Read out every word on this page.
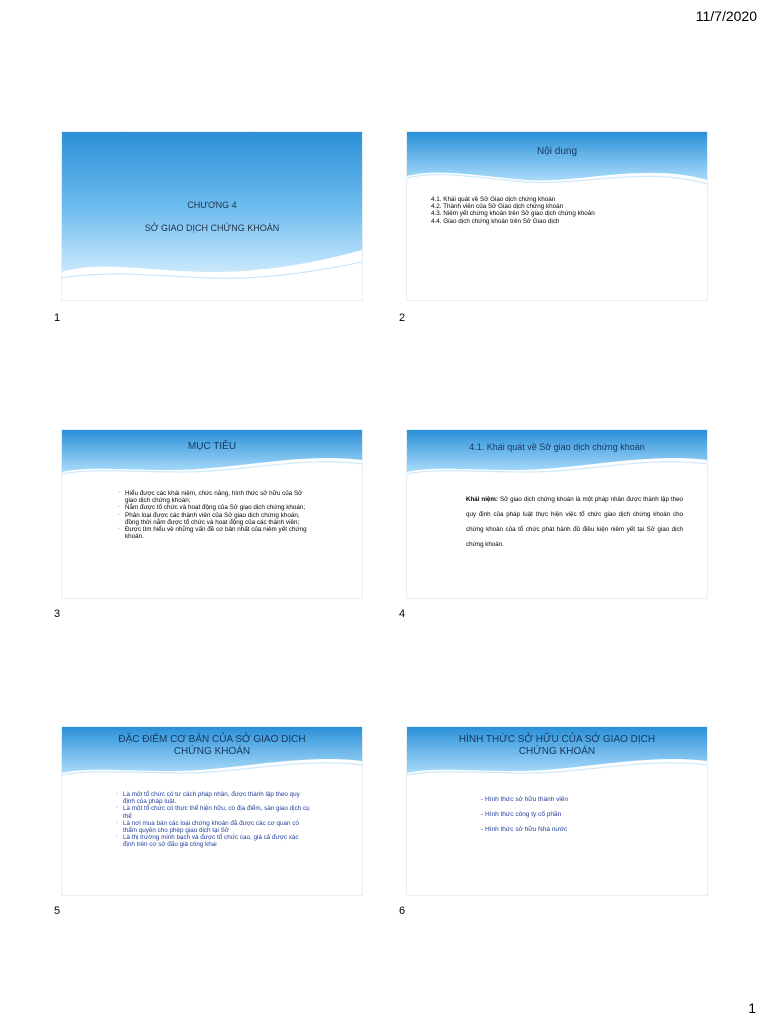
11/7/2020
CHƯƠNG 4
SỞ GIAO DỊCH CHỨNG KHOÁN
1
Nội dung
4.1. Khái quát về Sở Giao dịch chứng khoán
4.2. Thành viên của Sở Giao dịch chứng khoán
4.3. Niêm yết chứng khoán trên Sở giao dịch chứng khoán
4.4. Giao dịch chứng khoán trên Sở Giao dịch
2
MỤC TIÊU
▫ Hiểu được các khái niệm, chức năng, hình thức sở hữu của Sở giao dịch chứng khoán;
▫ Nắm được tổ chức và hoạt động của Sở giao dịch chứng khoán;
▫ Phân loại được các thành viên của Sở giao dịch chứng khoán, đồng thời nắm được tổ chức và hoạt động của các thành viên;
▫ Được tìm hiểu về những vấn đề cơ bản nhất của niêm yết chứng khoán.
3
4.1. Khái quát về Sở giao dịch chứng khoán
Khái niệm: Sở giao dịch chứng khoán là một pháp nhân được thành lập theo quy định của pháp luật thực hiện việc tổ chức giao dịch chứng khoán cho chứng khoán của tổ chức phát hành đủ điều kiện niêm yết tại Sở giao dịch chứng khoán.
4
ĐẶC ĐIỂM CƠ BẢN CỦA SỞ GIAO DỊCH
CHỨNG KHOÁN
▫ Là một tổ chức có tư cách pháp nhân, được thành lập theo quy định của pháp luật.
▫ Là một tổ chức có thực thể hiện hữu, có địa điểm, sàn giao dịch cụ thể
▫ Là nơi mua bán các loại chứng khoán đã được các cơ quan có thẩm quyền cho phép giao dịch tại Sở
▫ Là thị trường minh bạch và được tổ chức cao, giá cả được xác định trên cơ sở đấu giá công khai
5
HÌNH THỨC SỞ HỮU CỦA SỞ GIAO DỊCH
CHỨNG KHOÁN
- Hình thức sở hữu thành viên
- Hình thức công ty cổ phần
- Hình thức sở hữu Nhà nước
6
1
